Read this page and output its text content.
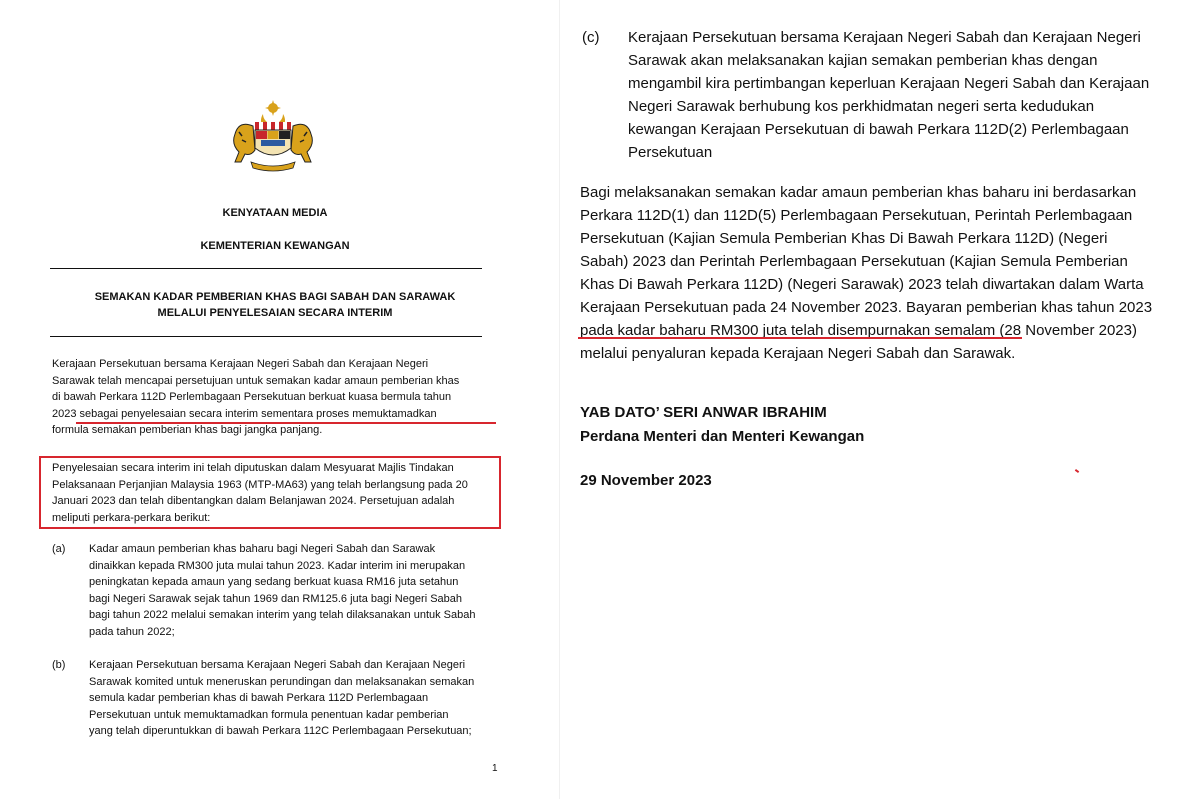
KENYATAAN MEDIA
KEMENTERIAN KEWANGAN
SEMAKAN KADAR PEMBERIAN KHAS BAGI SABAH DAN SARAWAK
MELALUI PENYELESAIAN SECARA INTERIM
Kerajaan Persekutuan bersama Kerajaan Negeri Sabah dan Kerajaan Negeri
Sarawak telah mencapai persetujuan untuk semakan kadar amaun pemberian khas
di bawah Perkara 112D Perlembagaan Persekutuan berkuat kuasa bermula tahun
2023 sebagai penyelesaian secara interim sementara proses memuktamadkan
formula semakan pemberian khas bagi jangka panjang.
Penyelesaian secara interim ini telah diputuskan dalam Mesyuarat Majlis Tindakan
Pelaksanaan Perjanjian Malaysia 1963 (MTP-MA63) yang telah berlangsung pada 20
Januari 2023 dan telah dibentangkan dalam Belanjawan 2024. Persetujuan adalah
meliputi perkara-perkara berikut:
(a) Kadar amaun pemberian khas baharu bagi Negeri Sabah dan Sarawak
dinaikkan kepada RM300 juta mulai tahun 2023. Kadar interim ini merupakan
peningkatan kepada amaun yang sedang berkuat kuasa RM16 juta setahun
bagi Negeri Sarawak sejak tahun 1969 dan RM125.6 juta bagi Negeri Sabah
bagi tahun 2022 melalui semakan interim yang telah dilaksanakan untuk Sabah
pada tahun 2022;
(b) Kerajaan Persekutuan bersama Kerajaan Negeri Sabah dan Kerajaan Negeri
Sarawak komited untuk meneruskan perundingan dan melaksanakan semakan
semula kadar pemberian khas di bawah Perkara 112D Perlembagaan
Persekutuan untuk memuktamadkan formula penentuan kadar pemberian
yang telah diperuntukkan di bawah Perkara 112C Perlembagaan Persekutuan;
1
(c) Kerajaan Persekutuan bersama Kerajaan Negeri Sabah dan Kerajaan Negeri
Sarawak akan melaksanakan kajian semakan pemberian khas dengan
mengambil kira pertimbangan keperluan Kerajaan Negeri Sabah dan Kerajaan
Negeri Sarawak berhubung kos perkhidmatan negeri serta kedudukan
kewangan Kerajaan Persekutuan di bawah Perkara 112D(2) Perlembagaan
Persekutuan
Bagi melaksanakan semakan kadar amaun pemberian khas baharu ini berdasarkan
Perkara 112D(1) dan 112D(5) Perlembagaan Persekutuan, Perintah Perlembagaan
Persekutuan (Kajian Semula Pemberian Khas Di Bawah Perkara 112D) (Negeri
Sabah) 2023 dan Perintah Perlembagaan Persekutuan (Kajian Semula Pemberian
Khas Di Bawah Perkara 112D) (Negeri Sarawak) 2023 telah diwartakan dalam Warta
Kerajaan Persekutuan pada 24 November 2023. Bayaran pemberian khas tahun 2023
pada kadar baharu RM300 juta telah disempurnakan semalam (28 November 2023)
melalui penyaluran kepada Kerajaan Negeri Sabah dan Sarawak.
YAB DATO’ SERI ANWAR IBRAHIM
Perdana Menteri dan Menteri Kewangan
29 November 2023
